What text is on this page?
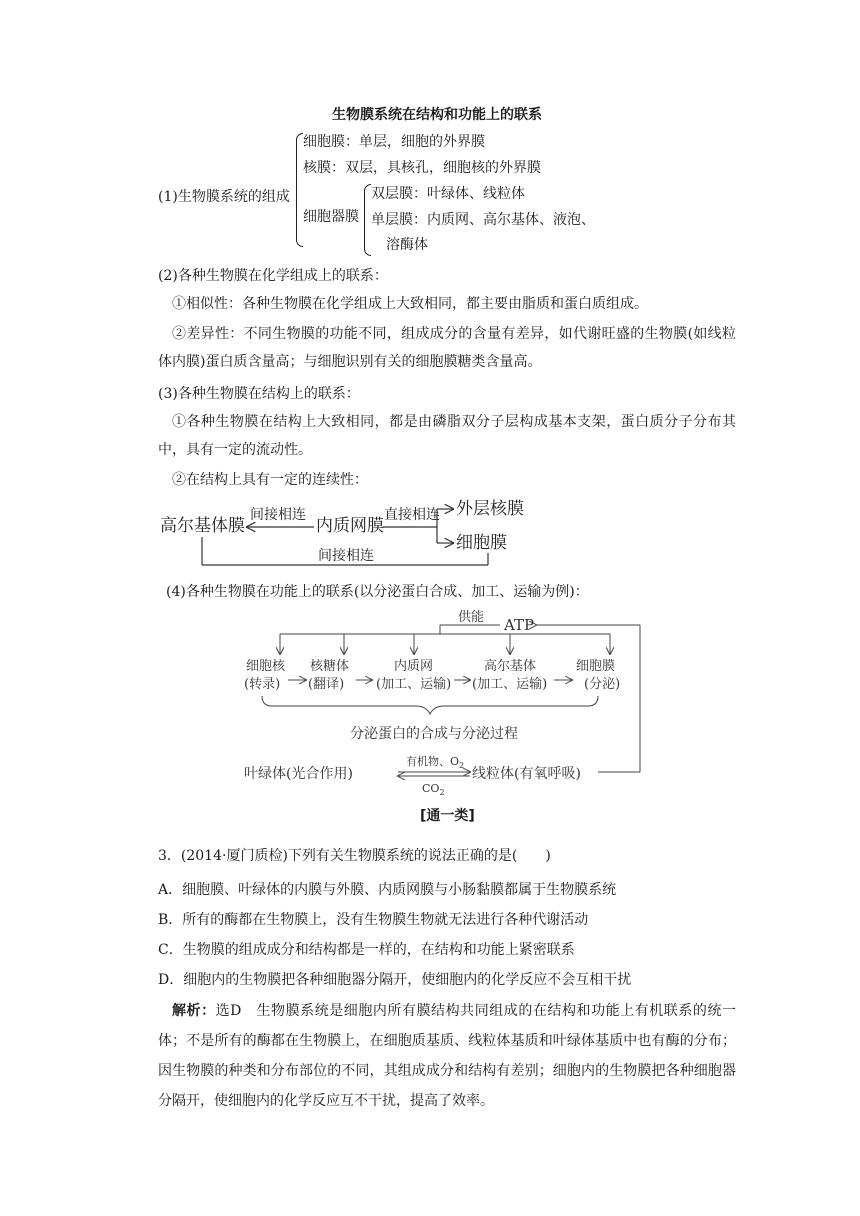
生物膜系统在结构和功能上的联系
(1)生物膜系统的组成
细胞膜：单层，细胞的外界膜
核膜：双层，具核孔，细胞核的外界膜
细胞器膜
双层膜：叶绿体、线粒体
单层膜：内质网、高尔基体、液泡、
溶酶体
(2)各种生物膜在化学组成上的联系：
①相似性：各种生物膜在化学组成上大致相同，都主要由脂质和蛋白质组成。
②差异性：不同生物膜的功能不同，组成成分的含量有差异，如代谢旺盛的生物膜(如线粒体内膜)蛋白质含量高；与细胞识别有关的细胞膜糖类含量高。
(3)各种生物膜在结构上的联系：
①各种生物膜在结构上大致相同，都是由磷脂双分子层构成基本支架，蛋白质分子分布其中，具有一定的流动性。
②在结构上具有一定的连续性：
高尔基体膜	内质网膜
外层核膜
细胞膜
间接相连	直接相连
间接相连
(4)各种生物膜在功能上的联系(以分泌蛋白合成、加工、运输为例)：
供能 ATP
细胞核
(转录)
核糖体
(翻译)
内质网
(加工、运输)
高尔基体
(加工、运输)
细胞膜
(分泌)
分泌蛋白的合成与分泌过程
叶绿体(光合作用)	线粒体(有氧呼吸)
有机物、$O_2$
$CO_2$
[通一类]
3．(2014·厦门质检)下列有关生物膜系统的说法正确的是(　　)
A．细胞膜、叶绿体的内膜与外膜、内质网膜与小肠黏膜都属于生物膜系统
B．所有的酶都在生物膜上，没有生物膜生物就无法进行各种代谢活动
C．生物膜的组成成分和结构都是一样的，在结构和功能上紧密联系
D．细胞内的生物膜把各种细胞器分隔开，使细胞内的化学反应不会互相干扰
解析：选D　生物膜系统是细胞内所有膜结构共同组成的在结构和功能上有机联系的统一体；不是所有的酶都在生物膜上，在细胞质基质、线粒体基质和叶绿体基质中也有酶的分布；因生物膜的种类和分布部位的不同，其组成成分和结构有差别；细胞内的生物膜把各种细胞器分隔开，使细胞内的化学反应互不干扰，提高了效率。
